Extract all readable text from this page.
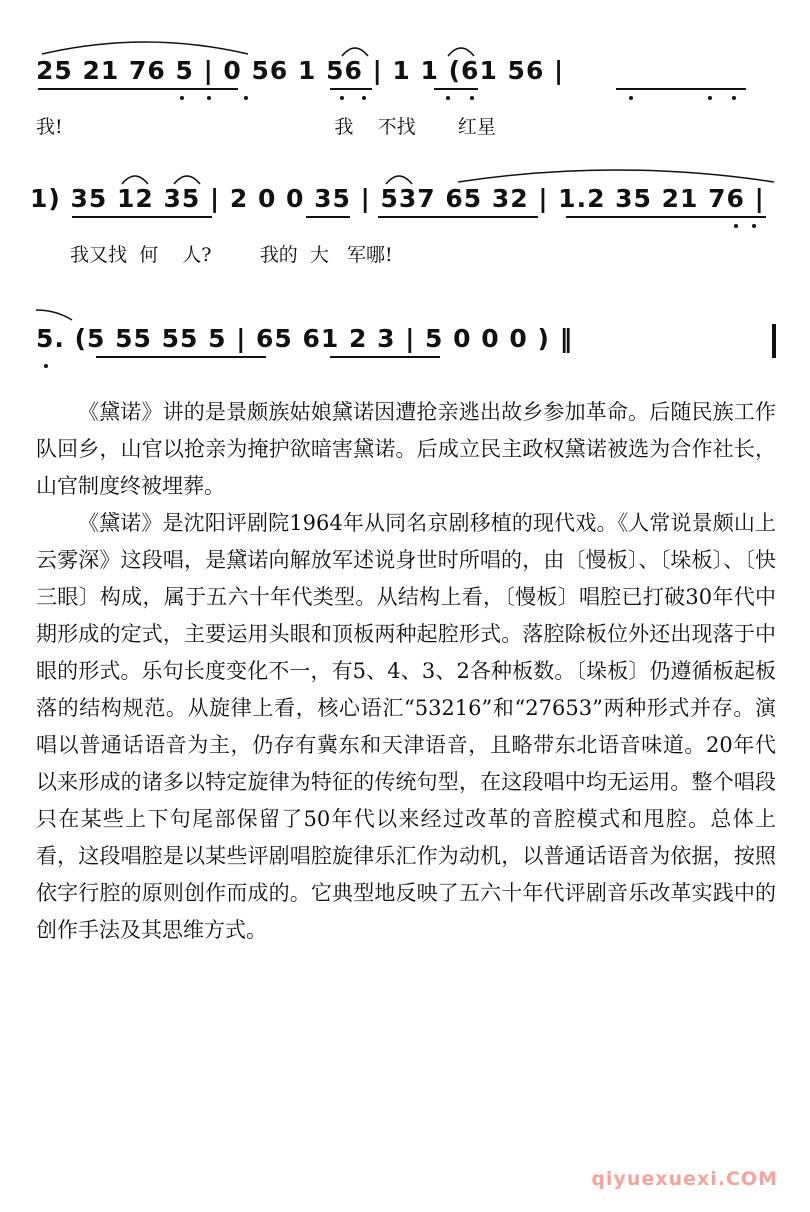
25 21 76 5 | 0 56 1 56 | 1 1 (61 56 |
我!                                             我    不找       红星
1) 35 12 35 | 2 0 0 35 | 537 65 32 | 1.2 35 21 76 |
我又找  何    人?        我的  大   军哪!
5. (5 55 55 5 | 65 61 2 3 | 5 0 0 0 ) ‖

《黛诺》讲的是景颇族姑娘黛诺因遭抢亲逃出故乡参加革命。后随民族工作队回乡，山官以抢亲为掩护欲暗害黛诺。后成立民主政权黛诺被选为合作社长，山官制度终被埋葬。

《黛诺》是沈阳评剧院1964年从同名京剧移植的现代戏。《人常说景颇山上云雾深》这段唱，是黛诺向解放军述说身世时所唱的，由〔慢板〕、〔垛板〕、〔快三眼〕构成，属于五六十年代类型。从结构上看，〔慢板〕唱腔已打破30年代中期形成的定式，主要运用头眼和顶板两种起腔形式。落腔除板位外还出现落于中眼的形式。乐句长度变化不一，有5、4、3、2各种板数。〔垛板〕仍遵循板起板落的结构规范。从旋律上看，核心语汇“53216”和“27653”两种形式并存。演唱以普通话语音为主，仍存有冀东和天津语音，且略带东北语音味道。20年代以来形成的诸多以特定旋律为特征的传统句型，在这段唱中均无运用。整个唱段只在某些上下句尾部保留了50年代以来经过改革的音腔模式和甩腔。总体上看，这段唱腔是以某些评剧唱腔旋律乐汇作为动机，以普通话语音为依据，按照依字行腔的原则创作而成的。它典型地反映了五六十年代评剧音乐改革实践中的创作手法及其思维方式。

qiyuexuexi.COM
